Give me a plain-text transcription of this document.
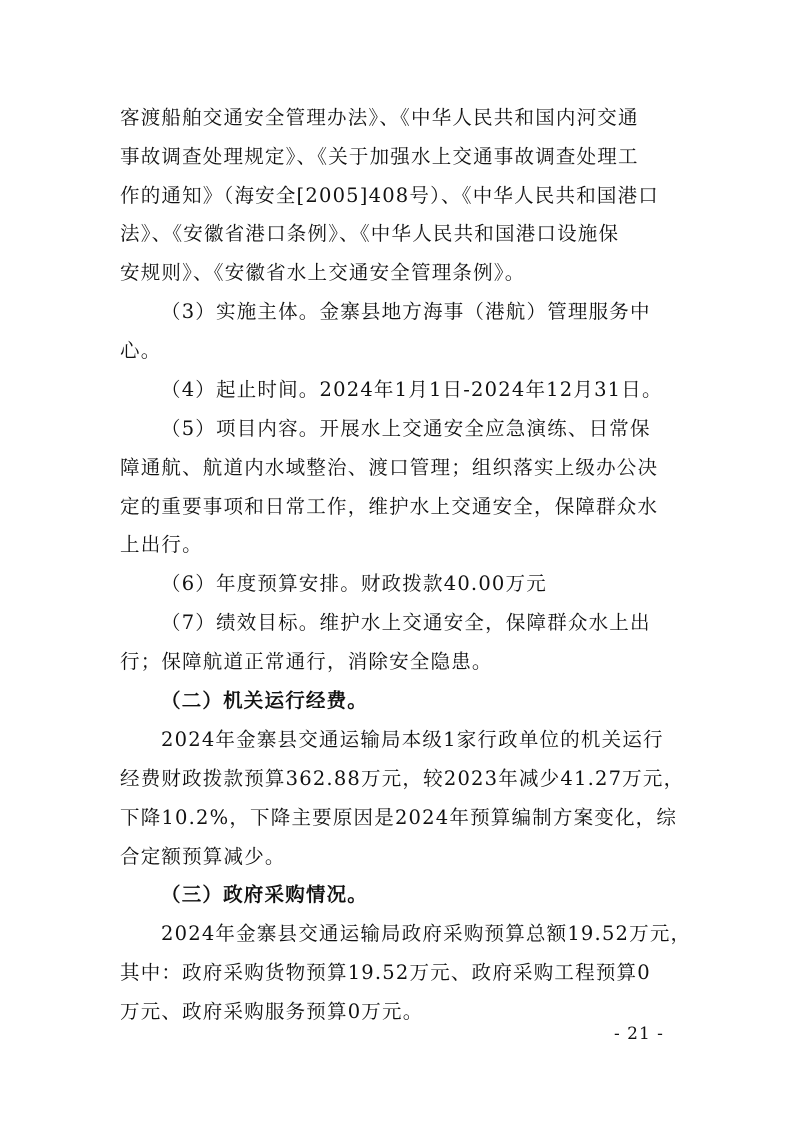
客渡船舶交通安全管理办法》、《中华人民共和国内河交通
事故调查处理规定》、《关于加强水上交通事故调查处理工
作的通知》（海安全[2005]408号）、《中华人民共和国港口
法》、《安徽省港口条例》、《中华人民共和国港口设施保
安规则》、《安徽省水上交通安全管理条例》。
（3）实施主体。金寨县地方海事（港航）管理服务中
心。
（4）起止时间。2024年1月1日-2024年12月31日。
（5）项目内容。开展水上交通安全应急演练、日常保
障通航、航道内水域整治、渡口管理；组织落实上级办公决
定的重要事项和日常工作，维护水上交通安全，保障群众水
上出行。
（6）年度预算安排。财政拨款40.00万元
（7）绩效目标。维护水上交通安全，保障群众水上出
行；保障航道正常通行，消除安全隐患。
（二）机关运行经费。
2024年金寨县交通运输局本级1家行政单位的机关运行
经费财政拨款预算362.88万元，较2023年减少41.27万元，
下降10.2%，下降主要原因是2024年预算编制方案变化，综
合定额预算减少。
（三）政府采购情况。
2024年金寨县交通运输局政府采购预算总额19.52万元，
其中：政府采购货物预算19.52万元、政府采购工程预算0
万元、政府采购服务预算0万元。
- 21 -
